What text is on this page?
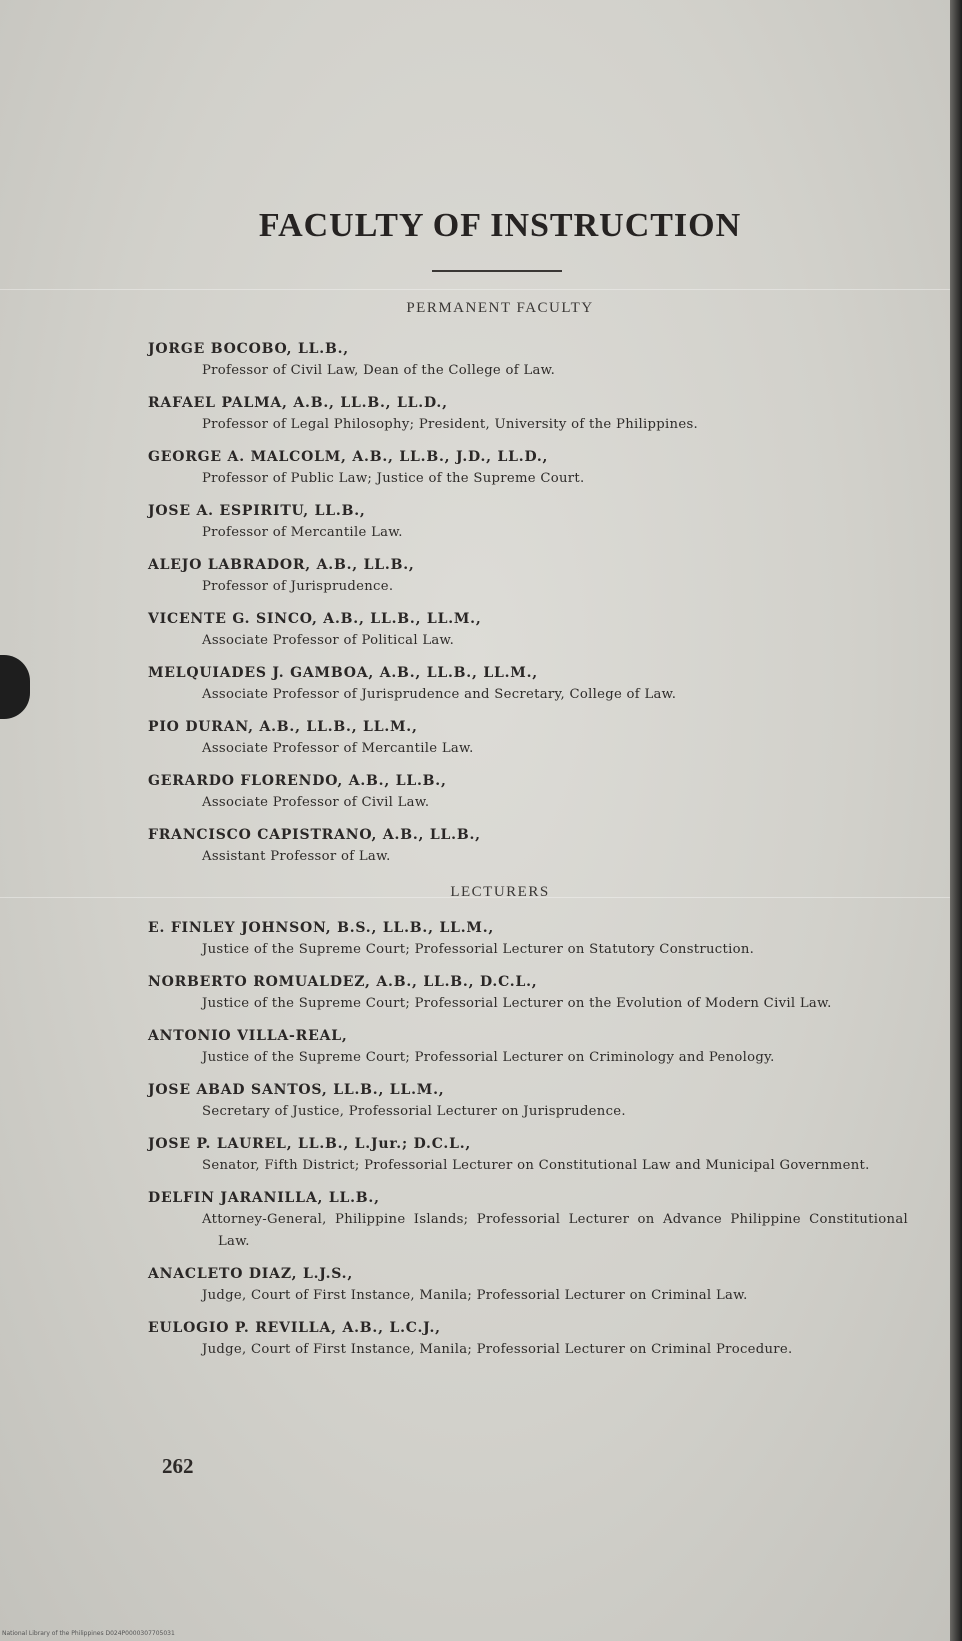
FACULTY OF INSTRUCTION
PERMANENT FACULTY
JORGE BOCOBO, LL.B.,
Professor of Civil Law, Dean of the College of Law.
RAFAEL PALMA, A.B., LL.B., LL.D.,
Professor of Legal Philosophy; President, University of the Philippines.
GEORGE A. MALCOLM, A.B., LL.B., J.D., LL.D.,
Professor of Public Law; Justice of the Supreme Court.
JOSE A. ESPIRITU, LL.B.,
Professor of Mercantile Law.
ALEJO LABRADOR, A.B., LL.B.,
Professor of Jurisprudence.
VICENTE G. SINCO, A.B., LL.B., LL.M.,
Associate Professor of Political Law.
MELQUIADES J. GAMBOA, A.B., LL.B., LL.M.,
Associate Professor of Jurisprudence and Secretary, College of Law.
PIO DURAN, A.B., LL.B., LL.M.,
Associate Professor of Mercantile Law.
GERARDO FLORENDO, A.B., LL.B.,
Associate Professor of Civil Law.
FRANCISCO CAPISTRANO, A.B., LL.B.,
Assistant Professor of Law.
LECTURERS
E. FINLEY JOHNSON, B.S., LL.B., LL.M.,
Justice of the Supreme Court; Professorial Lecturer on Statutory Construction.
NORBERTO ROMUALDEZ, A.B., LL.B., D.C.L.,
Justice of the Supreme Court; Professorial Lecturer on the Evolution of Modern Civil Law.
ANTONIO VILLA-REAL,
Justice of the Supreme Court; Professorial Lecturer on Criminology and Penology.
JOSE ABAD SANTOS, LL.B., LL.M.,
Secretary of Justice, Professorial Lecturer on Jurisprudence.
JOSE P. LAUREL, LL.B., L.Jur.; D.C.L.,
Senator, Fifth District; Professorial Lecturer on Constitutional Law and Municipal Government.
DELFIN JARANILLA, LL.B.,
Attorney-General, Philippine Islands; Professorial Lecturer on Advance Philippine Constitutional Law.
ANACLETO DIAZ, L.J.S.,
Judge, Court of First Instance, Manila; Professorial Lecturer on Criminal Law.
EULOGIO P. REVILLA, A.B., L.C.J.,
Judge, Court of First Instance, Manila; Professorial Lecturer on Criminal Procedure.
262
National Library of the Philippines D024P0000307705031
